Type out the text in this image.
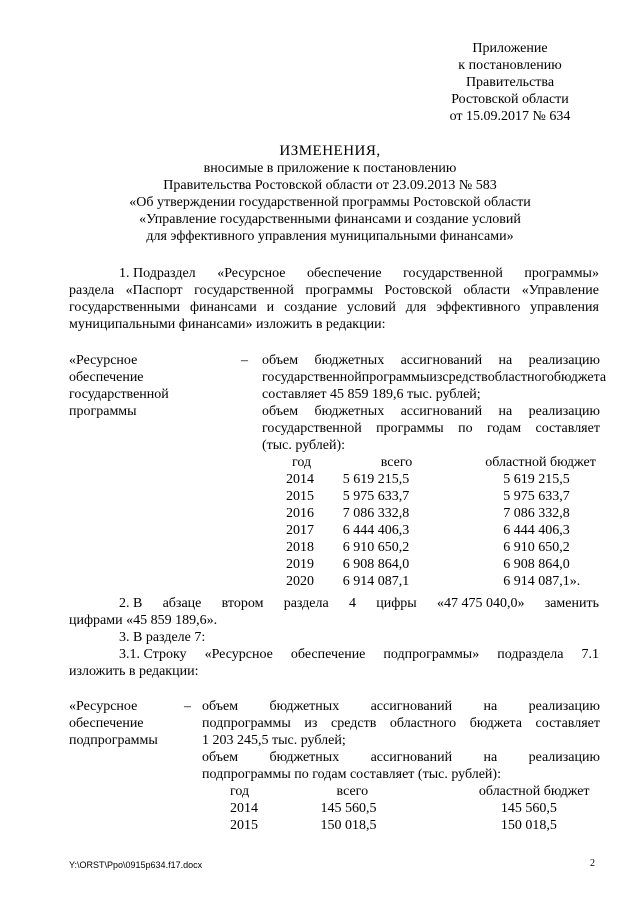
Приложение
к постановлению
Правительства
Ростовской области
от 15.09.2017 № 634
ИЗМЕНЕНИЯ,
вносимые в приложение к постановлению
Правительства Ростовской области от 23.09.2013 № 583
«Об утверждении государственной программы Ростовской области
«Управление государственными финансами и создание условий
для эффективного управления муниципальными финансами»
1. Подраздел «Ресурсное обеспечение государственной программы»
раздела «Паспорт государственной программы Ростовской области «Управление
государственными финансами и создание условий для эффективного управления
муниципальными финансами» изложить в редакции:
«Ресурсное
обеспечение
государственной
программы
– объем бюджетных ассигнований на реализацию
государственной программы из средств областного бюджета
составляет 45 859 189,6 тыс. рублей;
объем бюджетных ассигнований на реализацию
государственной программы по годам составляет
(тыс. рублей):
год	всего	областной бюджет
2014	5 619 215,5	5 619 215,5
2015	5 975 633,7	5 975 633,7
2016	7 086 332,8	7 086 332,8
2017	6 444 406,3	6 444 406,3
2018	6 910 650,2	6 910 650,2
2019	6 908 864,0	6 908 864,0
2020	6 914 087,1	6 914 087,1».
2. В абзаце втором раздела 4 цифры «47 475 040,0» заменить
цифрами «45 859 189,6».
3. В разделе 7:
3.1. Строку «Ресурсное обеспечение подпрограммы» подраздела 7.1
изложить в редакции:
«Ресурсное
обеспечение
подпрограммы
– объем бюджетных ассигнований на реализацию
подпрограммы из средств областного бюджета составляет
1 203 245,5 тыс. рублей;
объем бюджетных ассигнований на реализацию
подпрограммы по годам составляет (тыс. рублей):
год	всего	областной бюджет
2014	145 560,5	145 560,5
2015	150 018,5	150 018,5
Y:\ORST\Ppo\0915p634.f17.docx	2
